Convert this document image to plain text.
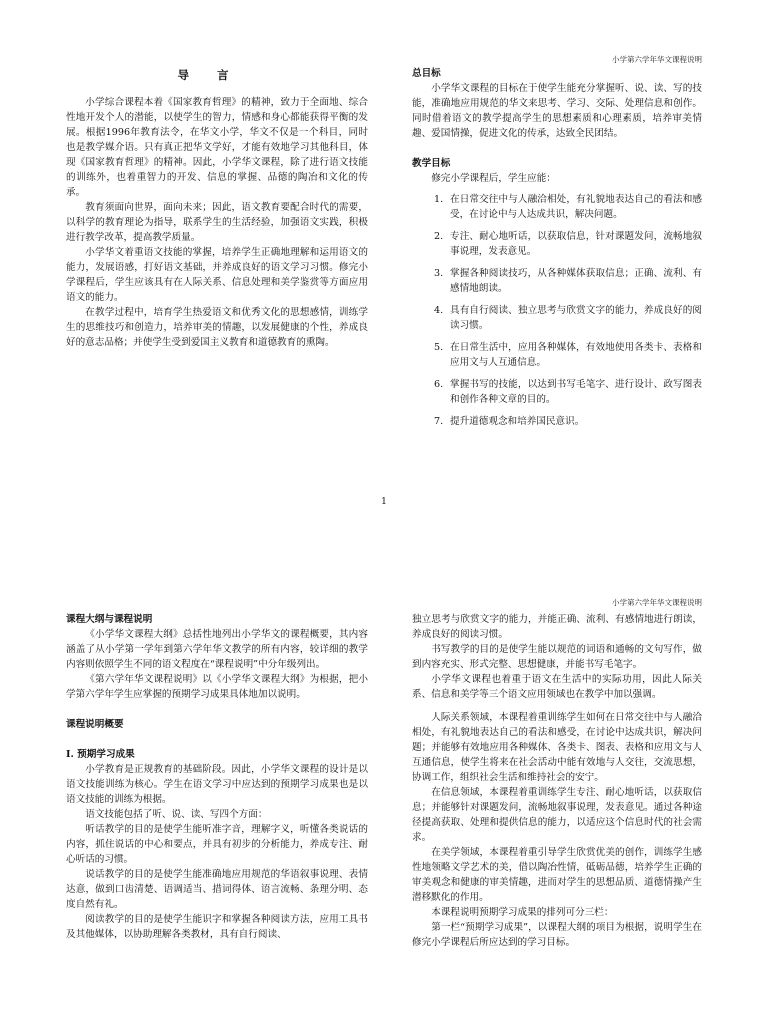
小学第六学年华文课程说明
导言

小学综合课程本着《国家教育哲理》的精神，致力于全面地、综合性地开发个人的潜能，以使学生的智力，情感和身心都能获得平衡的发展。根据1996年教育法令，在华文小学，华文不仅是一个科目，同时也是教学媒介语。只有真正把华文学好，才能有效地学习其他科目，体现《国家教育哲理》的精神。因此，小学华文课程，除了进行语文技能的训练外，也着重智力的开发、信息的掌握、品德的陶冶和文化的传承。

教育须面向世界，面向未来；因此，语文教育要配合时代的需要，以科学的教育理论为指导，联系学生的生活经验，加强语文实践，积极进行教学改革，提高教学质量。

小学华文着重语文技能的掌握，培养学生正确地理解和运用语文的能力，发展语感，打好语文基础，并养成良好的语文学习习惯。修完小学课程后，学生应该具有在人际关系、信息处理和美学鉴赏等方面应用语文的能力。

在教学过程中，培育学生热爱语文和优秀文化的思想感情，训练学生的思维技巧和创造力，培养审美的情趣，以发展健康的个性，养成良好的意志品格；并使学生受到爱国主义教育和道德教育的熏陶。

总目标

小学华文课程的目标在于使学生能充分掌握听、说、读、写的技能，准确地应用规范的华文来思考、学习、交际、处理信息和创作。同时借着语文的教学提高学生的思想素质和心理素质，培养审美情趣、爱国情操，促进文化的传承，达致全民团结。

教学目标

修完小学课程后，学生应能：

1. 在日常交往中与人融洽相处，有礼貌地表达自己的看法和感受，在讨论中与人达成共识，解决问题。
2. 专注、耐心地听话，以获取信息，针对课题发问，流畅地叙事说理，发表意见。
3. 掌握各种阅读技巧，从各种媒体获取信息；正确、流利、有感情地朗读。
4. 具有自行阅读、独立思考与欣赏文字的能力，养成良好的阅读习惯。
5. 在日常生活中，应用各种媒体，有效地使用各类卡、表格和应用文与人互通信息。
6. 掌握书写的技能，以达到书写毛笔字、进行设计、政写图表和创作各种文章的目的。
7. 提升道德观念和培养国民意识。
1
小学第六学年华文课程说明
课程大纲与课程说明

《小学华文课程大纲》总括性地列出小学华文的课程概要，其内容涵盖了从小学第一学年到第六学年华文教学的所有内容，较详细的教学内容则依照学生不同的语文程度在“课程说明”中分年级列出。

《第六学年华文课程说明》以《小学华文课程大纲》为根据，把小学第六学年学生应掌握的预期学习成果具体地加以说明。

课程说明概要
I. 预期学习成果

小学教育是正规教育的基础阶段。因此，小学华文课程的设计是以语文技能训练为核心。学生在语文学习中应达到的预期学习成果也是以语文技能的训练为根据。

语文技能包括了听、说、读、写四个方面：

听话教学的目的是使学生能听准字音，理解字义，听懂各类说话的内容，抓住说话的中心和要点，并具有初步的分析能力，养成专注、耐心听话的习惯。

说话教学的目的是使学生能准确地应用规范的华语叙事说理、表情达意，做到口齿清楚、语调适当、措词得体、语言流畅、条理分明、态度自然有礼。

阅读教学的目的是使学生能识字和掌握各种阅读方法，应用工具书及其他媒体，以协助理解各类教材，具有自行阅读、

独立思考与欣赏文字的能力，并能正确、流利、有感情地进行朗读，养成良好的阅读习惯。

书写教学的目的是使学生能以规范的词语和通畅的文句写作，做到内容充实、形式完整、思想健康，并能书写毛笔字。

小学华文课程也着重于语文在生活中的实际功用，因此人际关系、信息和美学等三个语文应用领域也在教学中加以强调。

人际关系领域，本课程着重训练学生如何在日常交往中与人融洽相处，有礼貌地表达自己的看法和感受，在讨论中达成共识，解决问题；并能够有效地应用各种媒体、各类卡、图表、表格和应用文与人互通信息，使学生将来在社会活动中能有效地与人交往，交流思想，协调工作，组织社会生活和维持社会的安宁。

在信息领域，本课程着重训练学生专注、耐心地听话，以获取信息；并能够针对课题发问，流畅地叙事说理，发表意见。通过各种途径提高获取、处理和提供信息的能力，以适应这个信息时代的社会需求。

在美学领域，本课程着重引导学生欣赏优美的创作，训练学生感性地领略文学艺术的美，借以陶冶性情，砥砺品德，培养学生正确的审美观念和健康的审美情趣，进而对学生的思想品质、道德情操产生潜移默化的作用。

本课程说明预期学习成果的排列可分三栏：

第一栏“预期学习成果”，以课程大纲的项目为根据，说明学生在修完小学课程后所应达到的学习目标。
